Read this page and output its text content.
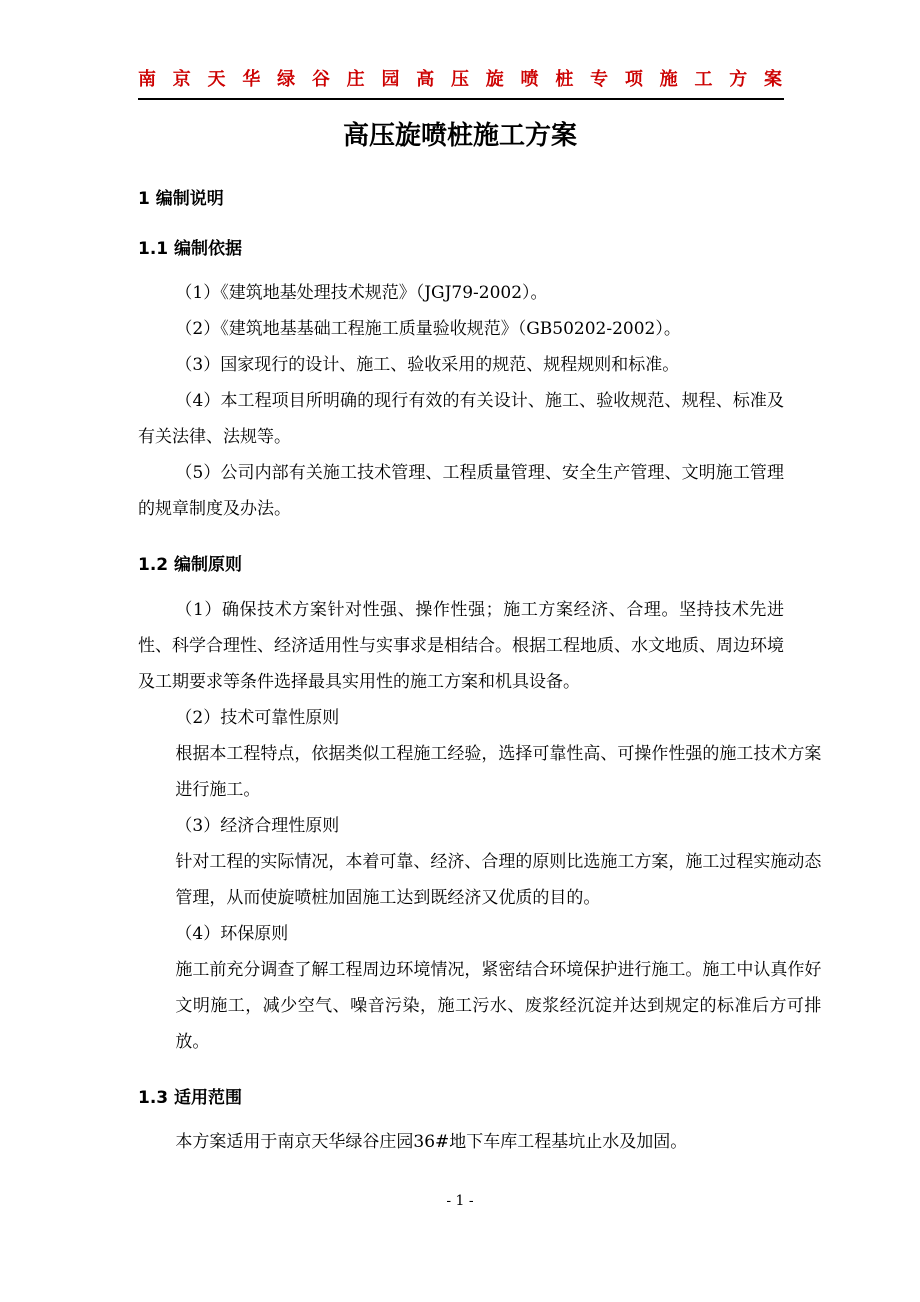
南京天华绿谷庄园高压旋喷桩专项施工方案
高压旋喷桩施工方案
1 编制说明
1.1 编制依据
（1）《建筑地基处理技术规范》（JGJ79-2002）。
（2）《建筑地基基础工程施工质量验收规范》（GB50202-2002）。
（3）国家现行的设计、施工、验收采用的规范、规程规则和标准。
（4）本工程项目所明确的现行有效的有关设计、施工、验收规范、规程、标准及有关法律、法规等。
（5）公司内部有关施工技术管理、工程质量管理、安全生产管理、文明施工管理的规章制度及办法。
1.2 编制原则
（1）确保技术方案针对性强、操作性强；施工方案经济、合理。坚持技术先进性、科学合理性、经济适用性与实事求是相结合。根据工程地质、水文地质、周边环境及工期要求等条件选择最具实用性的施工方案和机具设备。
（2）技术可靠性原则
根据本工程特点，依据类似工程施工经验，选择可靠性高、可操作性强的施工技术方案进行施工。
（3）经济合理性原则
针对工程的实际情况，本着可靠、经济、合理的原则比选施工方案，施工过程实施动态管理，从而使旋喷桩加固施工达到既经济又优质的目的。
（4）环保原则
施工前充分调查了解工程周边环境情况，紧密结合环境保护进行施工。施工中认真作好文明施工，减少空气、噪音污染，施工污水、废浆经沉淀并达到规定的标准后方可排放。
1.3 适用范围
本方案适用于南京天华绿谷庄园36#地下车库工程基坑止水及加固。
- 1 -
